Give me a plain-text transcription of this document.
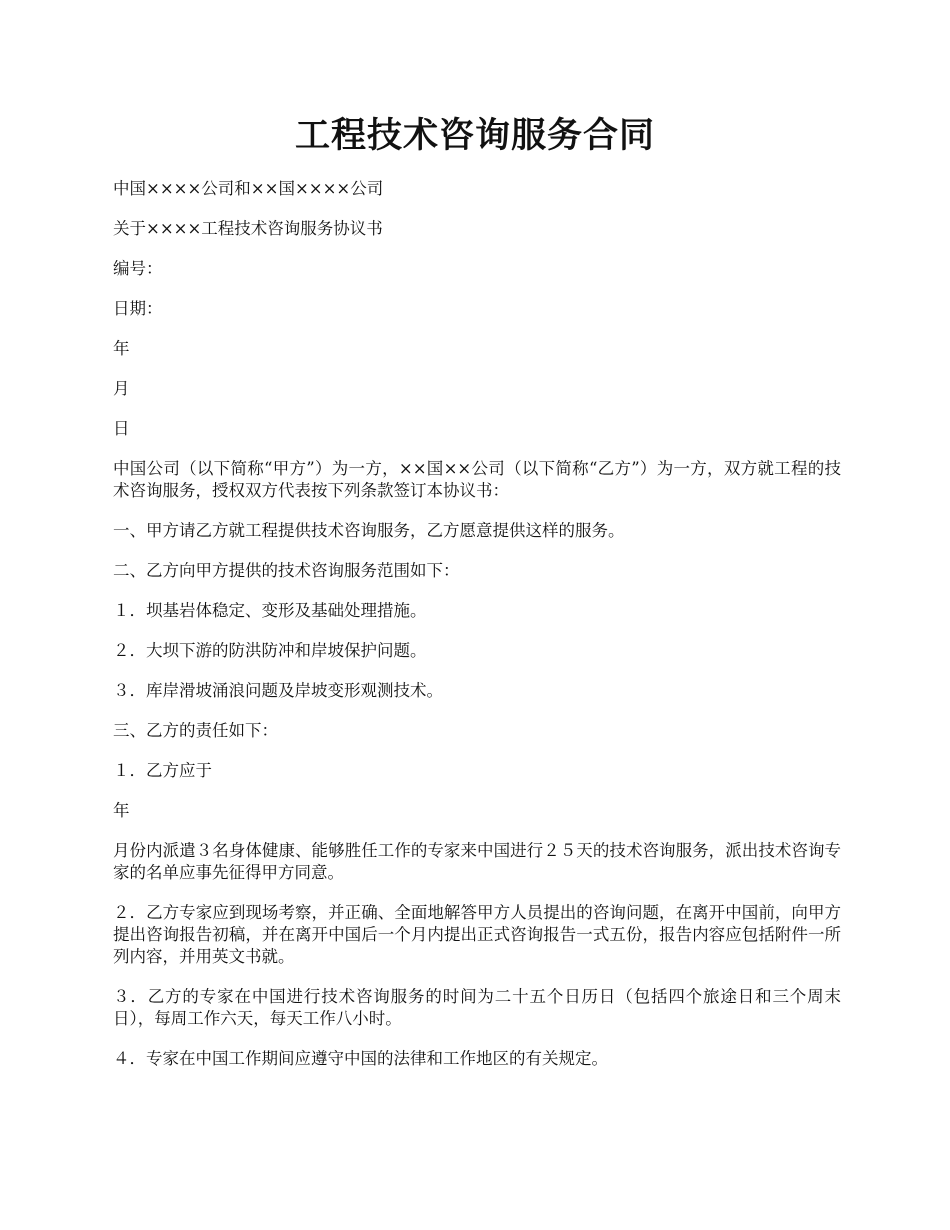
工程技术咨询服务合同

中国××××公司和××国××××公司

关于××××工程技术咨询服务协议书

编号：

日期：

年

月

日

中国公司（以下简称“甲方”）为一方，××国××公司（以下简称“乙方”）为一方，双方就工程的技术咨询服务，授权双方代表按下列条款签订本协议书：

一、甲方请乙方就工程提供技术咨询服务，乙方愿意提供这样的服务。

二、乙方向甲方提供的技术咨询服务范围如下：

１．坝基岩体稳定、变形及基础处理措施。

２．大坝下游的防洪防冲和岸坡保护问题。

３．库岸滑坡涌浪问题及岸坡变形观测技术。

三、乙方的责任如下：

１．乙方应于

年

月份内派遣３名身体健康、能够胜任工作的专家来中国进行２５天的技术咨询服务，派出技术咨询专家的名单应事先征得甲方同意。

２．乙方专家应到现场考察，并正确、全面地解答甲方人员提出的咨询问题，在离开中国前，向甲方提出咨询报告初稿，并在离开中国后一个月内提出正式咨询报告一式五份，报告内容应包括附件一所列内容，并用英文书就。

３．乙方的专家在中国进行技术咨询服务的时间为二十五个日历日（包括四个旅途日和三个周末日），每周工作六天，每天工作八小时。

４．专家在中国工作期间应遵守中国的法律和工作地区的有关规定。
